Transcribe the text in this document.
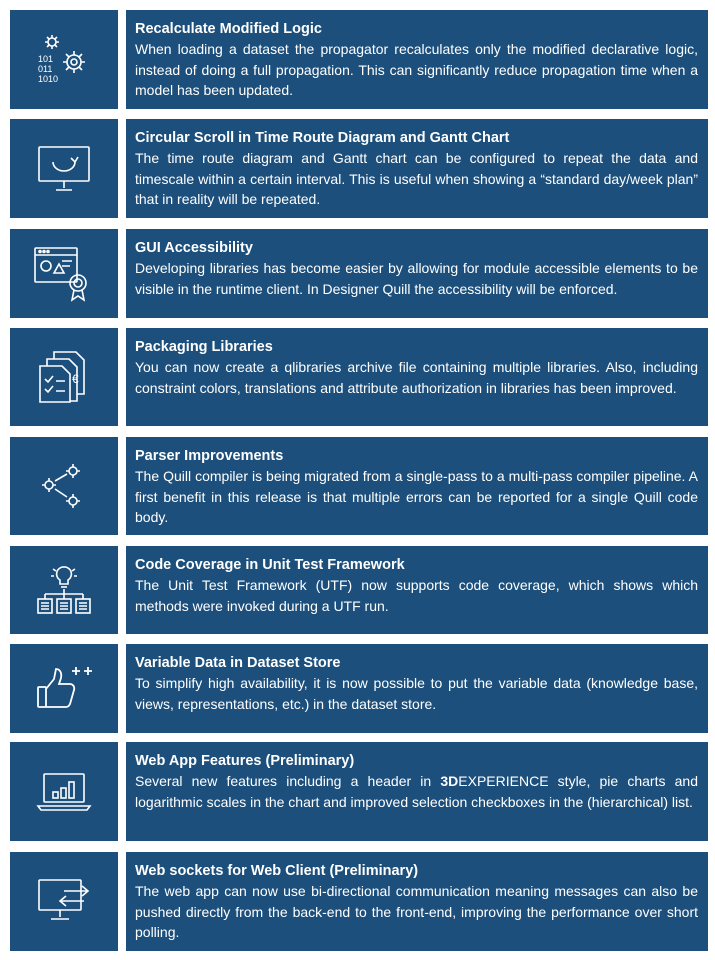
101
011
1010

Recalculate Modified Logic

When loading a dataset the propagator recalculates only the modified declarative logic, instead of doing a full propagation. This can significantly reduce propagation time when a model has been updated.

Circular Scroll in Time Route Diagram and Gantt Chart

The time route diagram and Gantt chart can be configured to repeat the data and timescale within a certain interval. This is useful when showing a “standard day/week plan” that in reality will be repeated.

GUI Accessibility

Developing libraries has become easier by allowing for module accessible elements to be visible in the runtime client. In Designer Quill the accessibility will be enforced.

€

Packaging Libraries

You can now create a qlibraries archive file containing multiple libraries. Also, including constraint colors, translations and attribute authorization in libraries has been improved.

Parser Improvements

The Quill compiler is being migrated from a single-pass to a multi-pass compiler pipeline. A first benefit in this release is that multiple errors can be reported for a single Quill code body.

Code Coverage in Unit Test Framework

The Unit Test Framework (UTF) now supports code coverage, which shows which methods were invoked during a UTF run.

Variable Data in Dataset Store

To simplify high availability, it is now possible to put the variable data (knowledge base, views, representations, etc.) in the dataset store.

Web App Features (Preliminary)

Several new features including a header in 3DEXPERIENCE style, pie charts and logarithmic scales in the chart and improved selection checkboxes in the (hierarchical) list.

Web sockets for Web Client (Preliminary)

The web app can now use bi-directional communication meaning messages can also be pushed directly from the back-end to the front-end, improving the performance over short polling.
